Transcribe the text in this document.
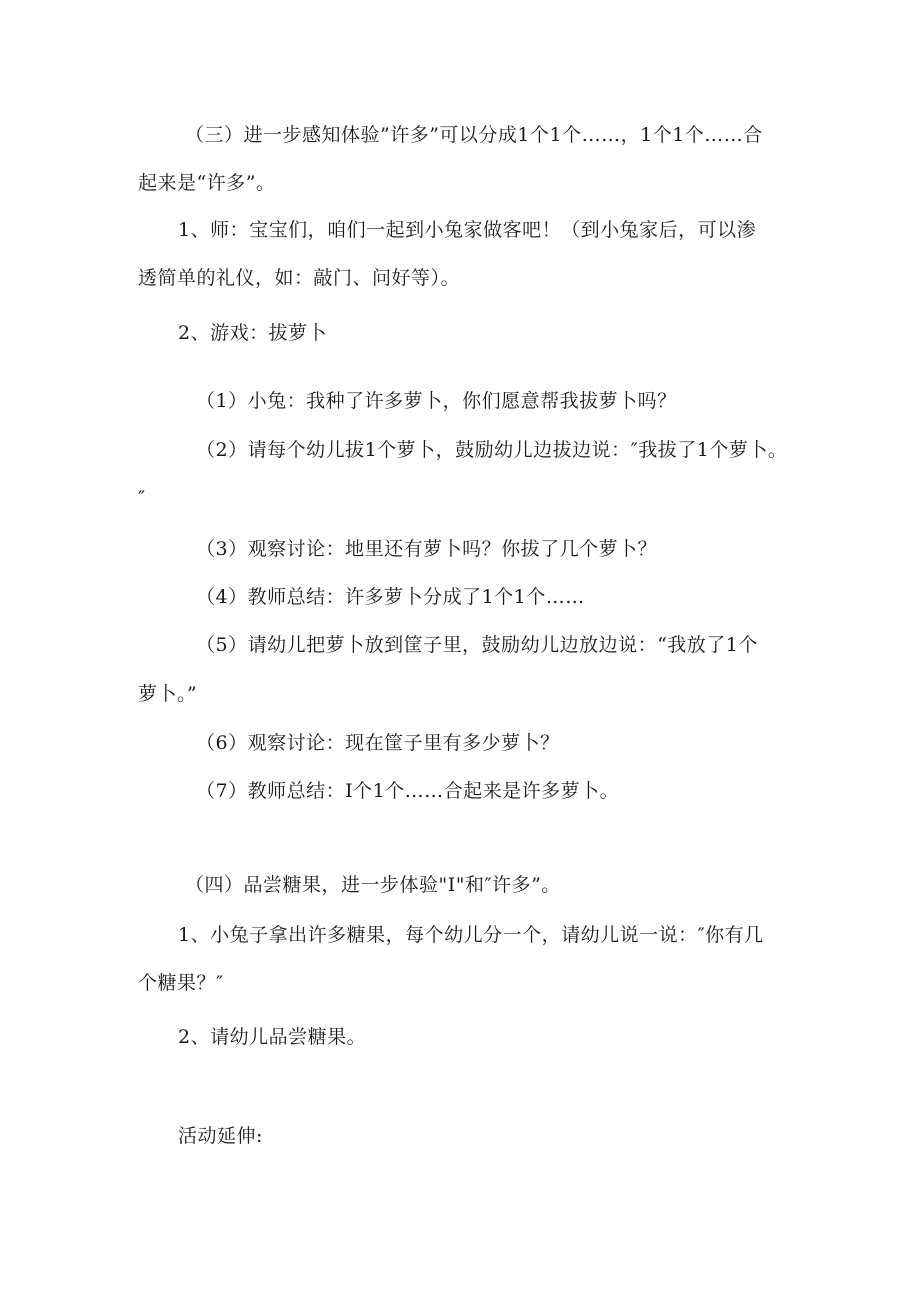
（三）进一步感知体验”许多”可以分成1个1个……，1个1个……合
起来是“许多”。
1、师：宝宝们，咱们一起到小兔家做客吧！（到小兔家后，可以渗
透简单的礼仪，如：敲门、问好等）。
2、游戏：拔萝卜
（1）小兔：我种了许多萝卜，你们愿意帮我拔萝卜吗？
（2）请每个幼儿拔1个萝卜，鼓励幼儿边拔边说：″我拔了1个萝卜。
″
（3）观察讨论：地里还有萝卜吗？你拔了几个萝卜？
（4）教师总结：许多萝卜分成了1个1个……
（5）请幼儿把萝卜放到筐子里，鼓励幼儿边放边说：“我放了1个
萝卜。”
（6）观察讨论：现在筐子里有多少萝卜？
（7）教师总结：I个1个……合起来是许多萝卜。
（四）品尝糖果，进一步体验"I"和″许多”。
1、小兔子拿出许多糖果，每个幼儿分一个，请幼儿说一说：″你有几
个糖果？″
2、请幼儿品尝糖果。
活动延伸:
